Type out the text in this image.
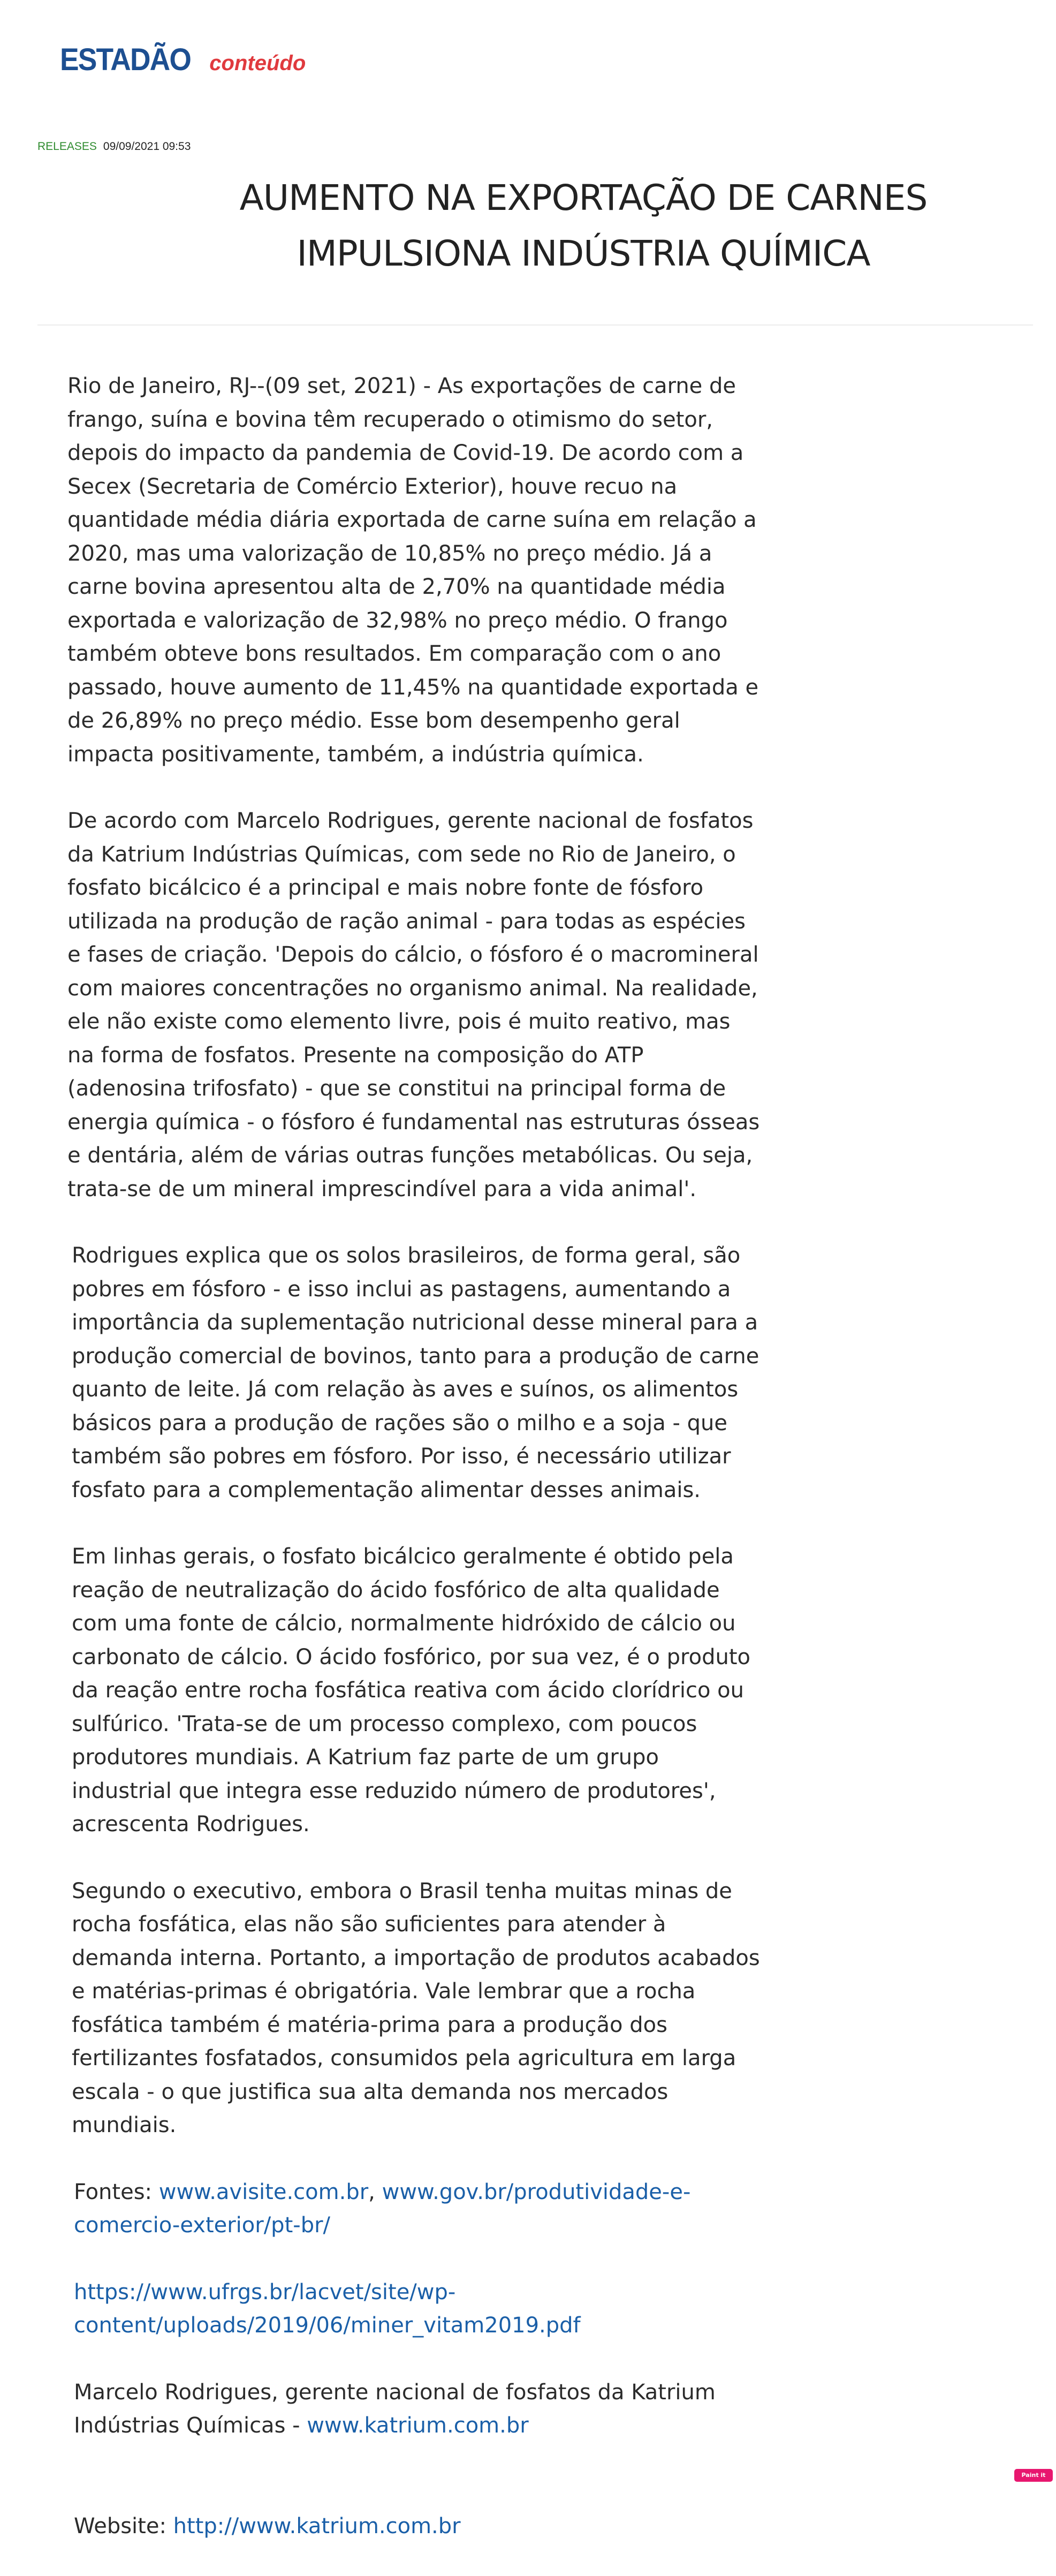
ESTADÃO conteúdo
RELEASES 09/09/2021 09:53
AUMENTO NA EXPORTAÇÃO DE CARNES IMPULSIONA INDÚSTRIA QUÍMICA

Rio de Janeiro, RJ--(09 set, 2021) - As exportações de carne de frango, suína e bovina têm recuperado o otimismo do setor, depois do impacto da pandemia de Covid-19. De acordo com a Secex (Secretaria de Comércio Exterior), houve recuo na quantidade média diária exportada de carne suína em relação a 2020, mas uma valorização de 10,85% no preço médio. Já a carne bovina apresentou alta de 2,70% na quantidade média exportada e valorização de 32,98% no preço médio. O frango também obteve bons resultados. Em comparação com o ano passado, houve aumento de 11,45% na quantidade exportada e de 26,89% no preço médio. Esse bom desempenho geral impacta positivamente, também, a indústria química.

De acordo com Marcelo Rodrigues, gerente nacional de fosfatos da Katrium Indústrias Químicas, com sede no Rio de Janeiro, o fosfato bicálcico é a principal e mais nobre fonte de fósforo utilizada na produção de ração animal - para todas as espécies e fases de criação. 'Depois do cálcio, o fósforo é o macromineral com maiores concentrações no organismo animal. Na realidade, ele não existe como elemento livre, pois é muito reativo, mas na forma de fosfatos. Presente na composição do ATP (adenosina trifosfato) - que se constitui na principal forma de energia química - o fósforo é fundamental nas estruturas ósseas e dentária, além de várias outras funções metabólicas. Ou seja, trata-se de um mineral imprescindível para a vida animal'.

Rodrigues explica que os solos brasileiros, de forma geral, são pobres em fósforo - e isso inclui as pastagens, aumentando a importância da suplementação nutricional desse mineral para a produção comercial de bovinos, tanto para a produção de carne quanto de leite. Já com relação às aves e suínos, os alimentos básicos para a produção de rações são o milho e a soja - que também são pobres em fósforo. Por isso, é necessário utilizar fosfato para a complementação alimentar desses animais.

Em linhas gerais, o fosfato bicálcico geralmente é obtido pela reação de neutralização do ácido fosfórico de alta qualidade com uma fonte de cálcio, normalmente hidróxido de cálcio ou carbonato de cálcio. O ácido fosfórico, por sua vez, é o produto da reação entre rocha fosfática reativa com ácido clorídrico ou sulfúrico. 'Trata-se de um processo complexo, com poucos produtores mundiais. A Katrium faz parte de um grupo industrial que integra esse reduzido número de produtores', acrescenta Rodrigues.

Segundo o executivo, embora o Brasil tenha muitas minas de rocha fosfática, elas não são suficientes para atender à demanda interna. Portanto, a importação de produtos acabados e matérias-primas é obrigatória. Vale lembrar que a rocha fosfática também é matéria-prima para a produção dos fertilizantes fosfatados, consumidos pela agricultura em larga escala - o que justifica sua alta demanda nos mercados mundiais.

Fontes: www.avisite.com.br, www.gov.br/produtividade-e-comercio-exterior/pt-br/

https://www.ufrgs.br/lacvet/site/wp-content/uploads/2019/06/miner_vitam2019.pdf

Marcelo Rodrigues, gerente nacional de fosfatos da Katrium Indústrias Químicas - www.katrium.com.br

Website: http://www.katrium.com.br

Paint it Site
